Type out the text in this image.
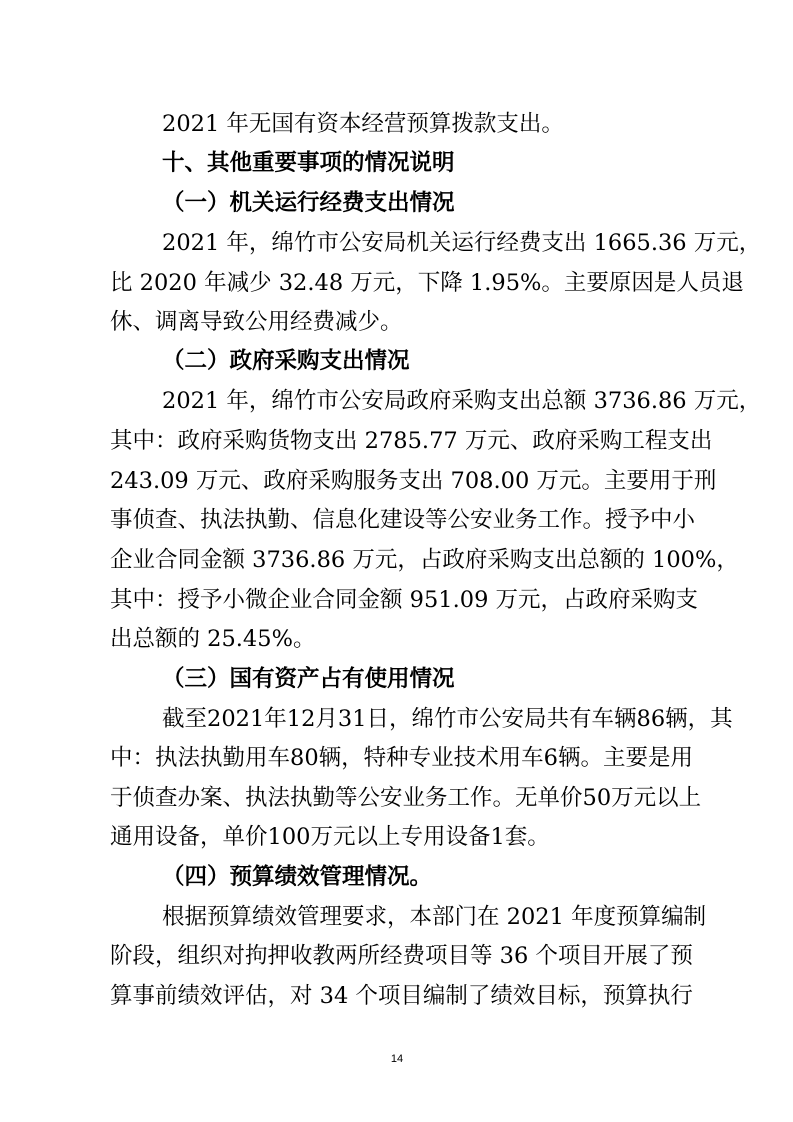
2021 年无国有资本经营预算拨款支出。
十、其他重要事项的情况说明
（一）机关运行经费支出情况
2021 年，绵竹市公安局机关运行经费支出 1665.36 万元，
比 2020 年减少 32.48 万元，下降 1.95%。主要原因是人员退
休、调离导致公用经费减少。
（二）政府采购支出情况
2021 年，绵竹市公安局政府采购支出总额 3736.86 万元，
其中：政府采购货物支出 2785.77 万元、政府采购工程支出
243.09 万元、政府采购服务支出 708.00 万元。主要用于刑
事侦查、执法执勤、信息化建设等公安业务工作。授予中小
企业合同金额 3736.86 万元，占政府采购支出总额的 100%，
其中：授予小微企业合同金额 951.09 万元，占政府采购支
出总额的 25.45%。
（三）国有资产占有使用情况
截至2021年12月31日，绵竹市公安局共有车辆86辆，其
中：执法执勤用车80辆，特种专业技术用车6辆。主要是用
于侦查办案、执法执勤等公安业务工作。无单价50万元以上
通用设备，单价100万元以上专用设备1套。
（四）预算绩效管理情况。
根据预算绩效管理要求，本部门在 2021 年度预算编制
阶段，组织对拘押收教两所经费项目等 36 个项目开展了预
算事前绩效评估，对 34 个项目编制了绩效目标，预算执行
14
